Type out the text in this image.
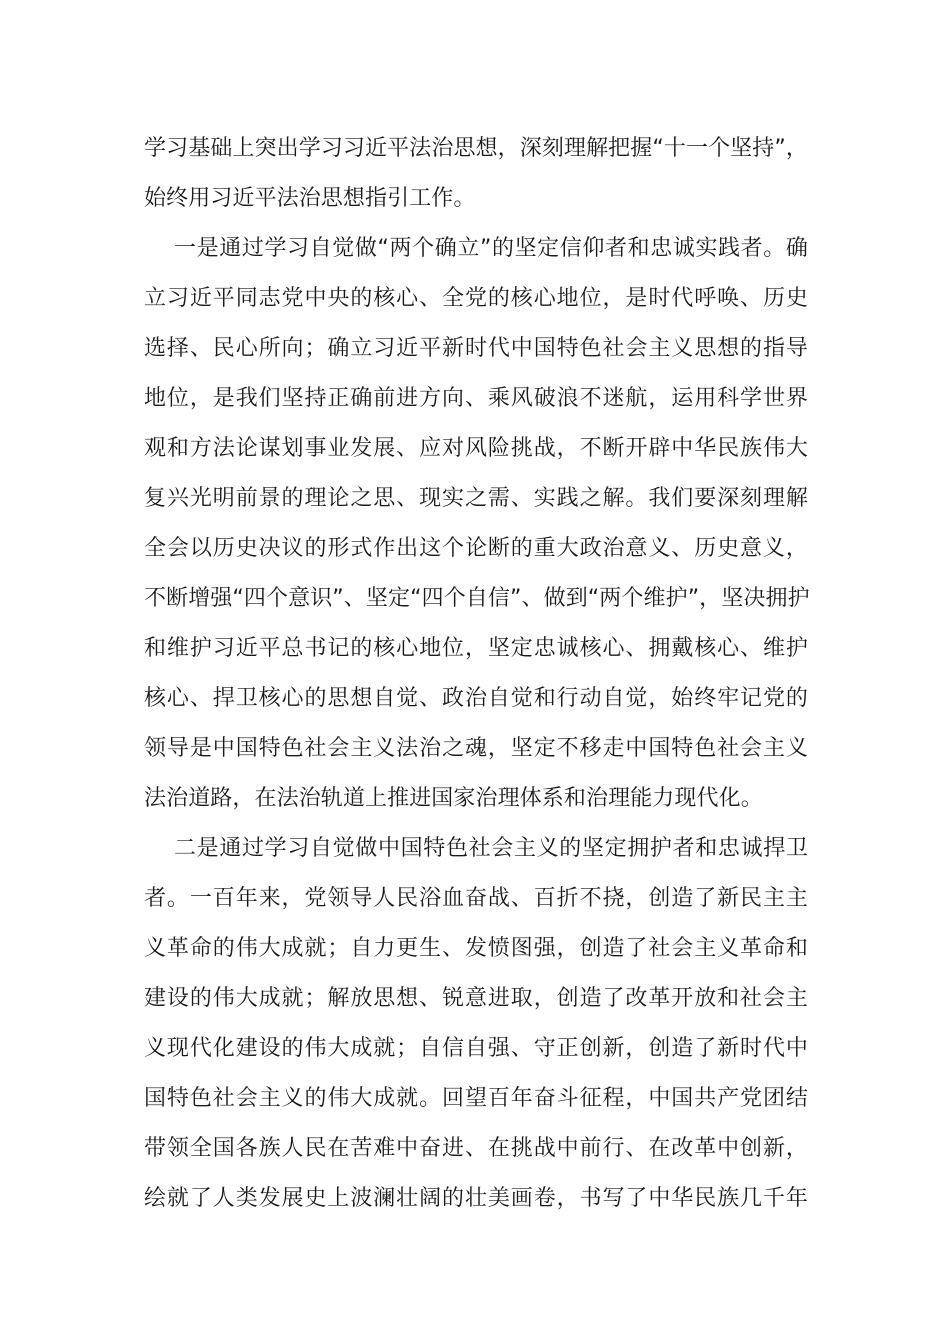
学习基础上突出学习习近平法治思想，深刻理解把握“十一个坚持”，
始终用习近平法治思想指引工作。
一是通过学习自觉做“两个确立”的坚定信仰者和忠诚实践者。确
立习近平同志党中央的核心、全党的核心地位，是时代呼唤、历史
选择、民心所向；确立习近平新时代中国特色社会主义思想的指导
地位，是我们坚持正确前进方向、乘风破浪不迷航，运用科学世界
观和方法论谋划事业发展、应对风险挑战，不断开辟中华民族伟大
复兴光明前景的理论之思、现实之需、实践之解。我们要深刻理解
全会以历史决议的形式作出这个论断的重大政治意义、历史意义，
不断增强“四个意识”、坚定“四个自信”、做到“两个维护”，坚决拥护
和维护习近平总书记的核心地位，坚定忠诚核心、拥戴核心、维护
核心、捍卫核心的思想自觉、政治自觉和行动自觉，始终牢记党的
领导是中国特色社会主义法治之魂，坚定不移走中国特色社会主义
法治道路，在法治轨道上推进国家治理体系和治理能力现代化。
二是通过学习自觉做中国特色社会主义的坚定拥护者和忠诚捍卫
者。一百年来，党领导人民浴血奋战、百折不挠，创造了新民主主
义革命的伟大成就；自力更生、发愤图强，创造了社会主义革命和
建设的伟大成就；解放思想、锐意进取，创造了改革开放和社会主
义现代化建设的伟大成就；自信自强、守正创新，创造了新时代中
国特色社会主义的伟大成就。回望百年奋斗征程，中国共产党团结
带领全国各族人民在苦难中奋进、在挑战中前行、在改革中创新，
绘就了人类发展史上波澜壮阔的壮美画卷，书写了中华民族几千年
